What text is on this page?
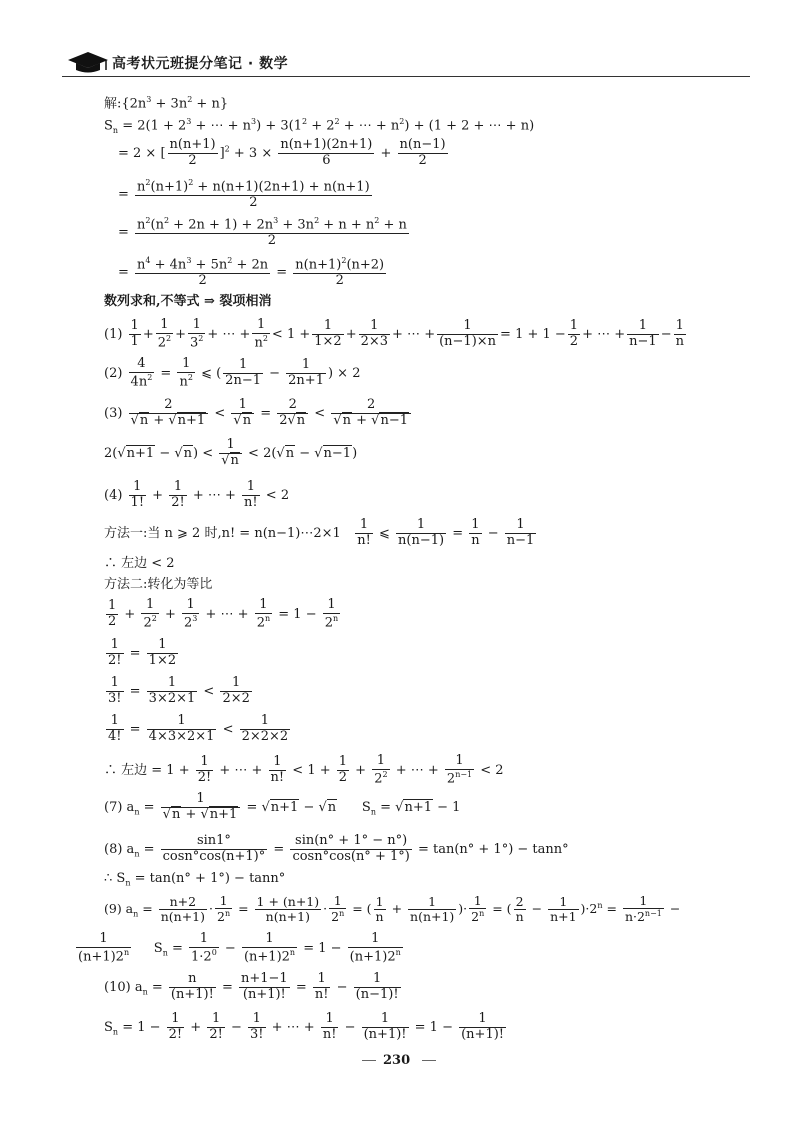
高考状元班提分笔记 · 数学
解$:\{2n^3 + 3n^2 + n\}$
$S_n = 2(1 + 2^3$ + ⋯ + $n^3) + 3(1^2 + 2^2$ + ⋯ + $n^2) + (1 + 2$ + ⋯ + n)
= 2 × [ $\frac{n(n+1)}{2} ]^2 + 3 \times \frac{n(n+1)(2n+1)}{6} + \frac{n(n-1)}{2}$
= $\frac{n^2(n+1)^2 + n(n+1)(2n+1) + n(n+1)}{2}$
= $\frac{n^2(n^2 + 2n + 1) + 2n^3 + 3n^2 + n + n^2 + n}{2}$
= $\frac{n^4 + 4n^3 + 5n^2 + 2n}{2} = \frac{n(n+1)^2(n+2)}{2}$
数列求和,不等式 ⇒ 裂项相消
$(1) \frac{1}{1} + \frac{1}{2^2} + \frac{1}{3^2}$ + ⋯ + $\frac{1}{n^2} < 1 + \frac{1}{1\times 2} + \frac{1}{2\times 3}$ + ⋯ + $\frac{1}{(n-1)\times n} = 1 + 1 - \frac{1}{2}$ + ⋯ + $\frac{1}{n-1} - \frac{1}{n}$
$(2) \frac{4}{4n^2} = \frac{1}{n^2}$ ⩽ ( $\frac{1}{2n-1} - \frac{1}{2n+1}$ ) × 2
$(3) \frac{2}{√n + √n+1} < \frac{1}{√n} = \frac{2}{2√n} < \frac{2}{√n + √n-1}$
$2(√n+1 - √n) < \frac{1}{√n} < 2(√n - √n-1)$
$(4) \frac{1}{1!} + \frac{1}{2!}$ + ⋯ + $\frac{1}{n!} < 2$
方法一:当 n ⩾ 2 时,n! = n(n−1)⋯2×1 $\frac{1}{n!}$ ⩽ $\frac{1}{n(n-1)} = \frac{1}{n} - \frac{1}{n-1}$
∴ 左边 < 2
方法二:转化为等比
$\frac{1}{2} + \frac{1}{2^2} + \frac{1}{2^3}$ + ⋯ + $\frac{1}{2^n} = 1 - \frac{1}{2^n}$
$\frac{1}{2!} = \frac{1}{1\times 2}$
$\frac{1}{3!} = \frac{1}{3\times 2\times 1} < \frac{1}{2\times 2}$
$\frac{1}{4!} = \frac{1}{4\times 3\times 2\times 1} < \frac{1}{2\times 2\times 2}$
∴ 左边 = $1 + \frac{1}{2!}$ + ⋯ + $\frac{1}{n!} < 1 + \frac{1}{2} + \frac{1}{2^2}$ + ⋯ + $\frac{1}{2^{n-1}} < 2$
(7) $a_n = \frac{1}{√n + √n+1} = √n+1 - √n$      $S_n = √n+1 - 1$
(8) $a_n = \frac{\sin 1^\circ}{\cos n^\circ\cos(n+1)^\circ} = \frac{\sin(n^\circ + 1^\circ - n^\circ)}{\cos n^\circ\cos(n^\circ + 1^\circ)} = \tan(n^\circ + 1^\circ) - \tan n^\circ$
∴ $S_n = \tan(n^\circ + 1^\circ) - \tan n^\circ$
(9) $a_n = \frac{n+2}{n(n+1)} \cdot \frac{1}{2^n} = \frac{1 + (n+1)}{n(n+1)} \cdot \frac{1}{2^n}$ = ( $\frac{1}{n} + \frac{1}{n(n+1)}$ )· $\frac{1}{2^n}$ = ( $\frac{2}{n} - \frac{1}{n+1} )\cdot 2^n = \frac{1}{n\cdot 2^{n-1}}$ −
$\frac{1}{(n+1)2^n} S_n = \frac{1}{1\cdot 2^0} - \frac{1}{(n+1)2^n} = 1 - \frac{1}{(n+1)2^n}$
(10) $a_n = \frac{n}{(n+1)!} = \frac{n+1-1}{(n+1)!} = \frac{1}{n!} - \frac{1}{(n-1)!}$
$S_n = 1 - \frac{1}{2!} + \frac{1}{2!} - \frac{1}{3!}$ + ⋯ + $\frac{1}{n!} - \frac{1}{(n+1)!} = 1 - \frac{1}{(n+1)!}$
230
